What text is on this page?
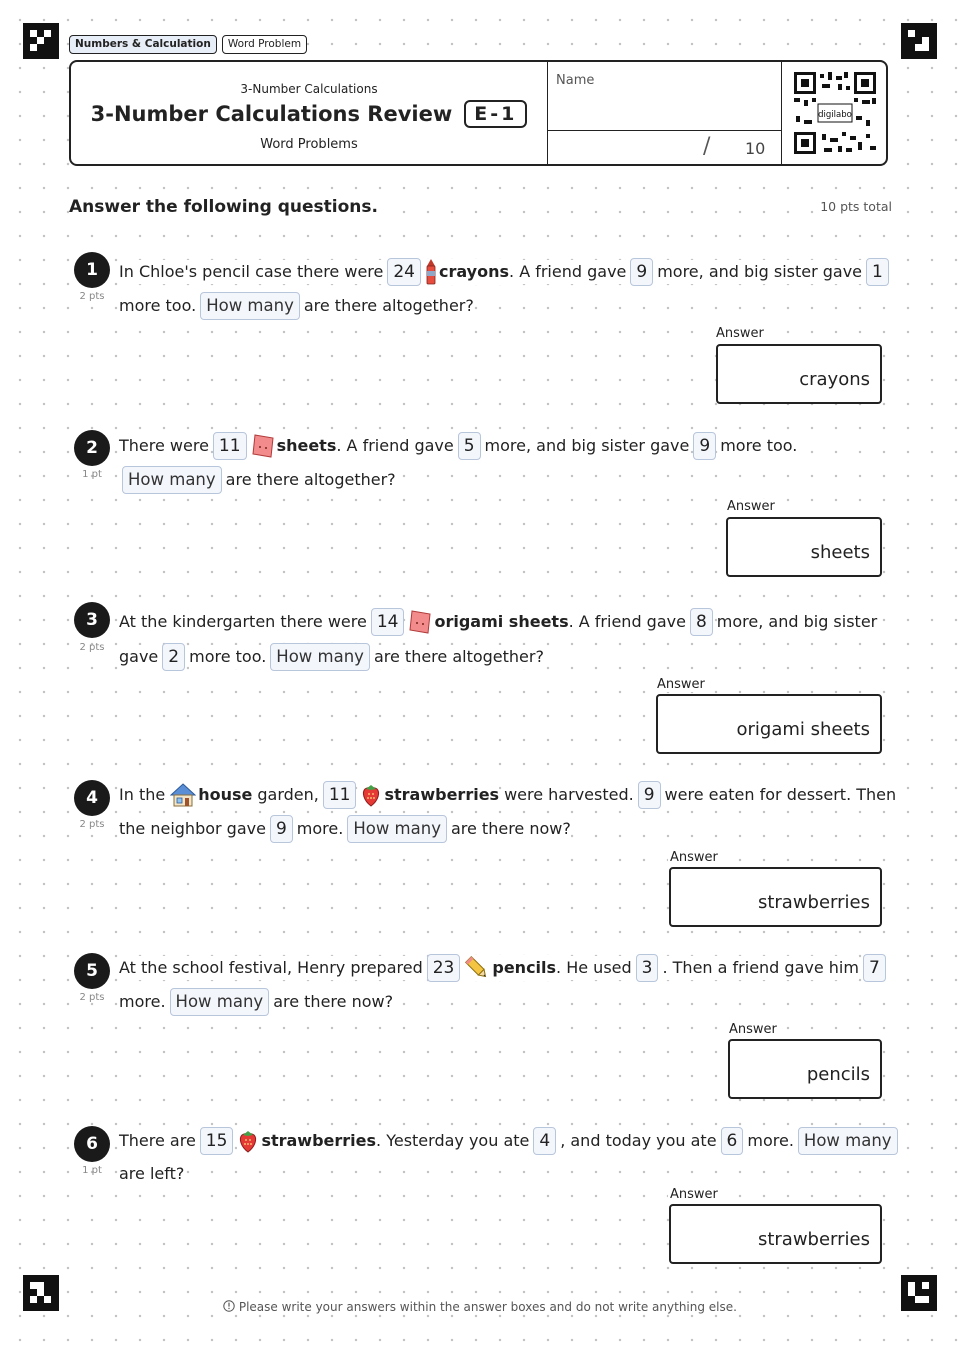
Numbers & Calculation	Word Problem
3-Number Calculations
3-Number Calculations Review	E-1
Word Problems
Name
/ 10
digilabo
Answer the following questions.	10 pts total
1
2 pts
In Chloe's pencil case there were 24	crayons . A friend gave 9 more, and big sister gave 1
more too. How many are there altogether?
Answer
crayons
2
1 pt
There were 11	sheets . A friend gave 5 more, and big sister gave 9 more too.
How many are there altogether?
Answer
sheets
3
2 pts
At the kindergarten there were 14	origami sheets . A friend gave 8 more, and big sister
gave 2 more too. How many are there altogether?
Answer
origami sheets
4
2 pts
In the house garden, 11	strawberries were harvested. 9 were eaten for dessert. Then
the neighbor gave 9 more. How many are there now?
Answer
strawberries
5
2 pts
At the school festival, Henry prepared 23	pencils . He used 3 . Then a friend gave him 7
more. How many are there now?
Answer
pencils
6
1 pt
There are 15	strawberries . Yesterday you ate 4 , and today you ate 6 more. How many
are left?
Answer
strawberries
Please write your answers within the answer boxes and do not write anything else.
